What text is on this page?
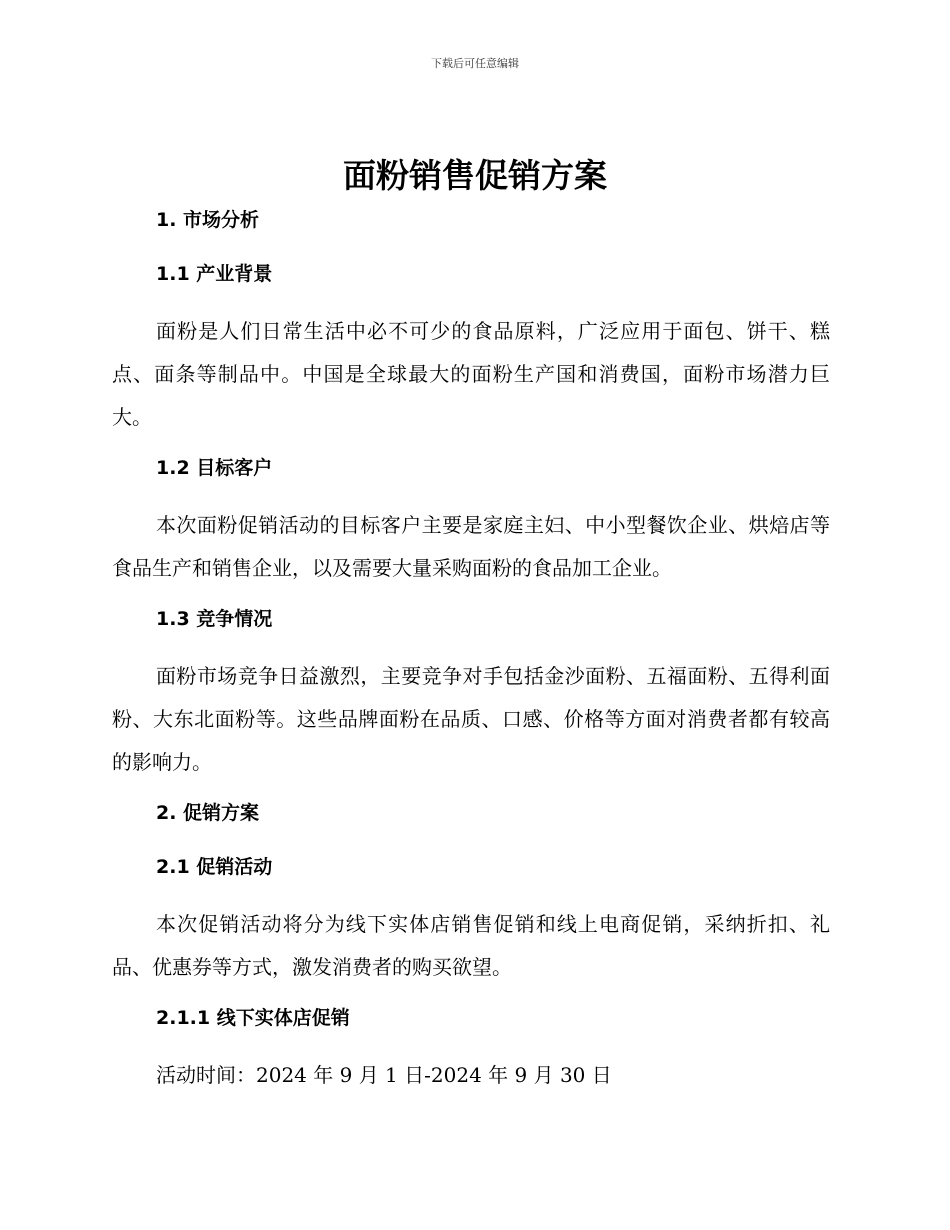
下载后可任意编辑
面粉销售促销方案
1. 市场分析
1.1 产业背景

面粉是人们日常生活中必不可少的食品原料，广泛应用于面包、饼干、糕点、面条等制品中。中国是全球最大的面粉生产国和消费国，面粉市场潜力巨大。

1.2 目标客户

本次面粉促销活动的目标客户主要是家庭主妇、中小型餐饮企业、烘焙店等食品生产和销售企业，以及需要大量采购面粉的食品加工企业。

1.3 竞争情况

面粉市场竞争日益激烈，主要竞争对手包括金沙面粉、五福面粉、五得利面粉、大东北面粉等。这些品牌面粉在品质、口感、价格等方面对消费者都有较高的影响力。

2. 促销方案
2.1 促销活动

本次促销活动将分为线下实体店销售促销和线上电商促销，采纳折扣、礼品、优惠券等方式，激发消费者的购买欲望。

2.1.1 线下实体店促销

活动时间：2024 年 9 月 1 日-2024 年 9 月 30 日
